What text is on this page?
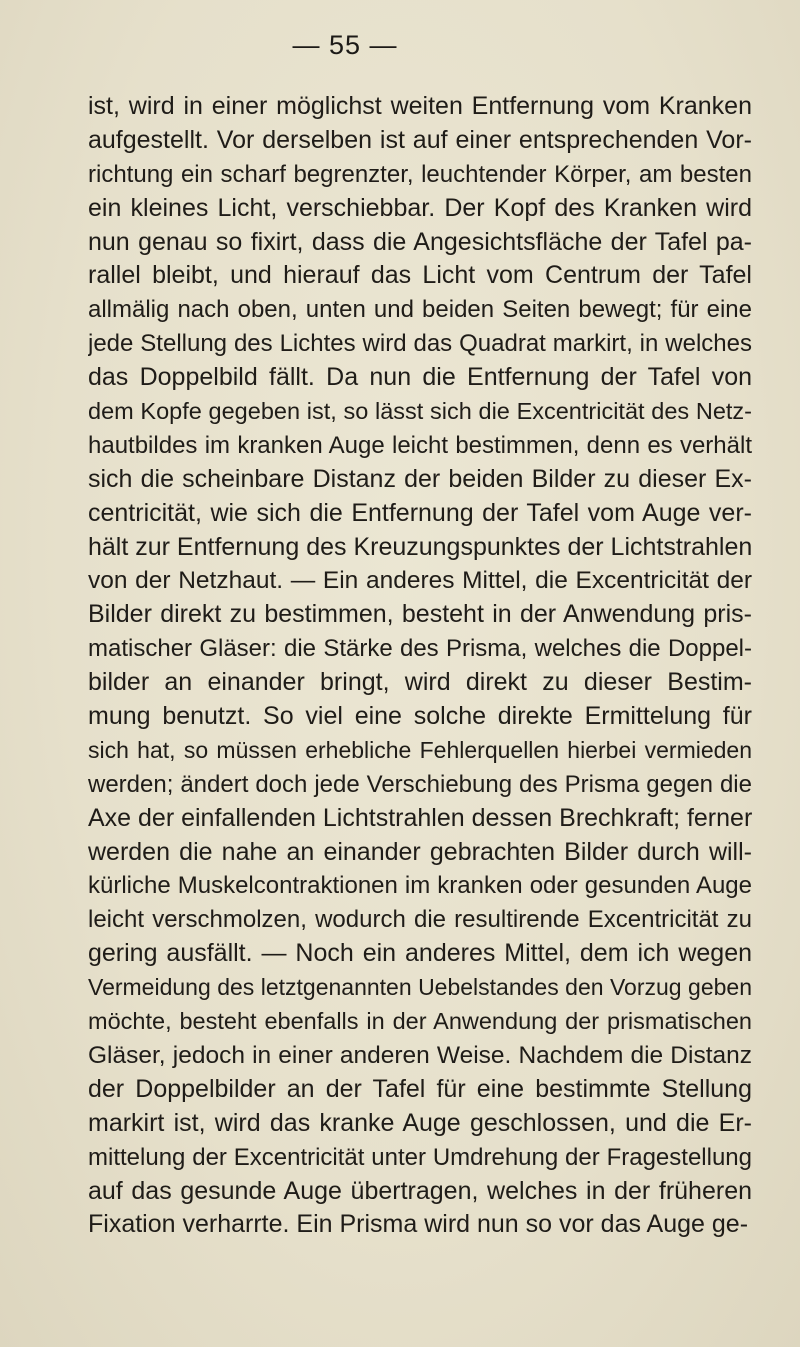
— 55 —
ist, wird in einer möglichst weiten Entfernung vom Kranken
aufgestellt. Vor derselben ist auf einer entsprechenden Vor-
richtung ein scharf begrenzter, leuchtender Körper, am besten
ein kleines Licht, verschiebbar. Der Kopf des Kranken wird
nun genau so fixirt, dass die Angesichtsfläche der Tafel pa-
rallel bleibt, und hierauf das Licht vom Centrum der Tafel
allmälig nach oben, unten und beiden Seiten bewegt; für eine
jede Stellung des Lichtes wird das Quadrat markirt, in welches
das Doppelbild fällt. Da nun die Entfernung der Tafel von
dem Kopfe gegeben ist, so lässt sich die Excentricität des Netz-
hautbildes im kranken Auge leicht bestimmen, denn es verhält
sich die scheinbare Distanz der beiden Bilder zu dieser Ex-
centricität, wie sich die Entfernung der Tafel vom Auge ver-
hält zur Entfernung des Kreuzungspunktes der Lichtstrahlen
von der Netzhaut. — Ein anderes Mittel, die Excentricität der
Bilder direkt zu bestimmen, besteht in der Anwendung pris-
matischer Gläser: die Stärke des Prisma, welches die Doppel-
bilder an einander bringt, wird direkt zu dieser Bestim-
mung benutzt. So viel eine solche direkte Ermittelung für
sich hat, so müssen erhebliche Fehlerquellen hierbei vermieden
werden; ändert doch jede Verschiebung des Prisma gegen die
Axe der einfallenden Lichtstrahlen dessen Brechkraft; ferner
werden die nahe an einander gebrachten Bilder durch will-
kürliche Muskelcontraktionen im kranken oder gesunden Auge
leicht verschmolzen, wodurch die resultirende Excentricität zu
gering ausfällt. — Noch ein anderes Mittel, dem ich wegen
Vermeidung des letztgenannten Uebelstandes den Vorzug geben
möchte, besteht ebenfalls in der Anwendung der prismatischen
Gläser, jedoch in einer anderen Weise. Nachdem die Distanz
der Doppelbilder an der Tafel für eine bestimmte Stellung
markirt ist, wird das kranke Auge geschlossen, und die Er-
mittelung der Excentricität unter Umdrehung der Fragestellung
auf das gesunde Auge übertragen, welches in der früheren
Fixation verharrte. Ein Prisma wird nun so vor das Auge ge-
